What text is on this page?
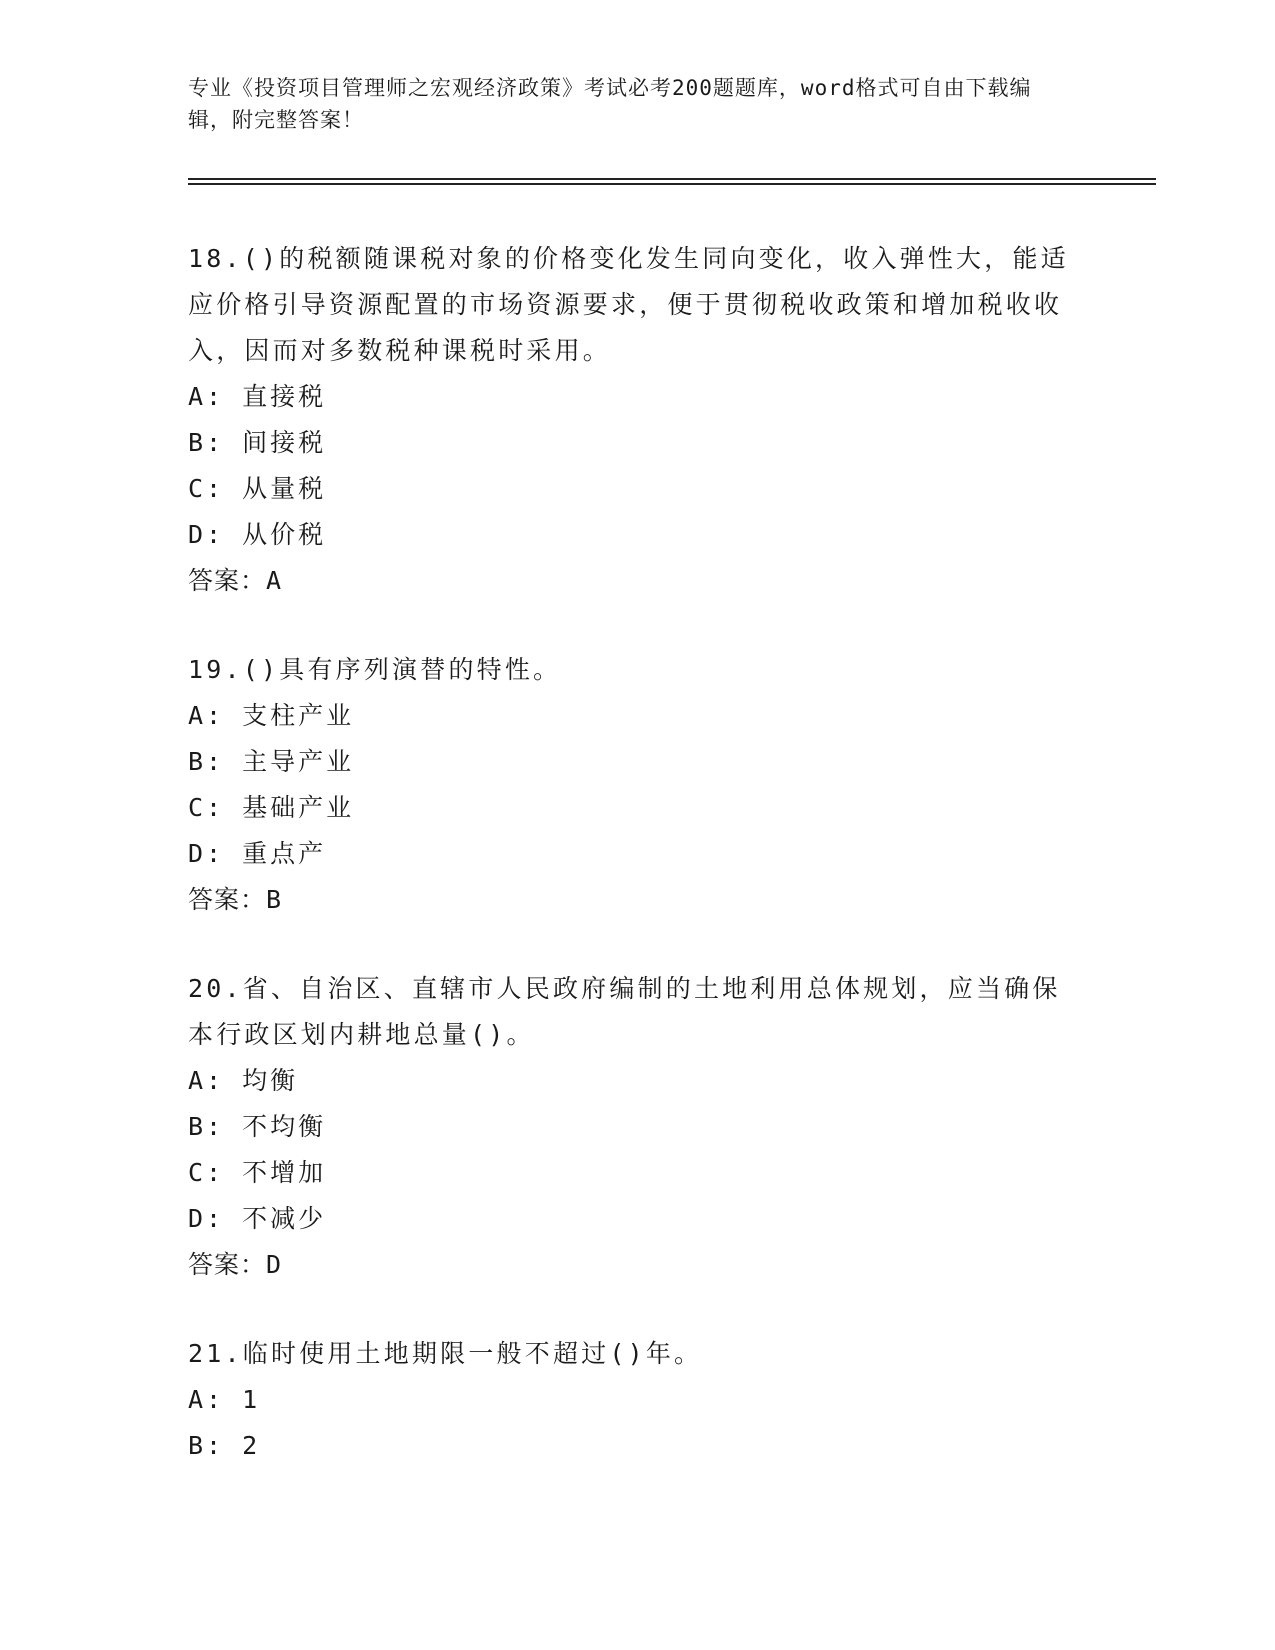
专业《投资项目管理师之宏观经济政策》考试必考200题题库，word格式可自由下载编辑，附完整答案！

18.()的税额随课税对象的价格变化发生同向变化，收入弹性大，能适应价格引导资源配置的市场资源要求，便于贯彻税收政策和增加税收收入，因而对多数税种课税时采用。

A: 直接税

B: 间接税

C: 从量税

D: 从价税

答案：A

19.()具有序列演替的特性。

A: 支柱产业

B: 主导产业

C: 基础产业

D: 重点产

答案：B

20.省、自治区、直辖市人民政府编制的土地利用总体规划，应当确保本行政区划内耕地总量()。

A: 均衡

B: 不均衡

C: 不增加

D: 不减少

答案：D

21.临时使用土地期限一般不超过()年。

A: 1

B: 2
